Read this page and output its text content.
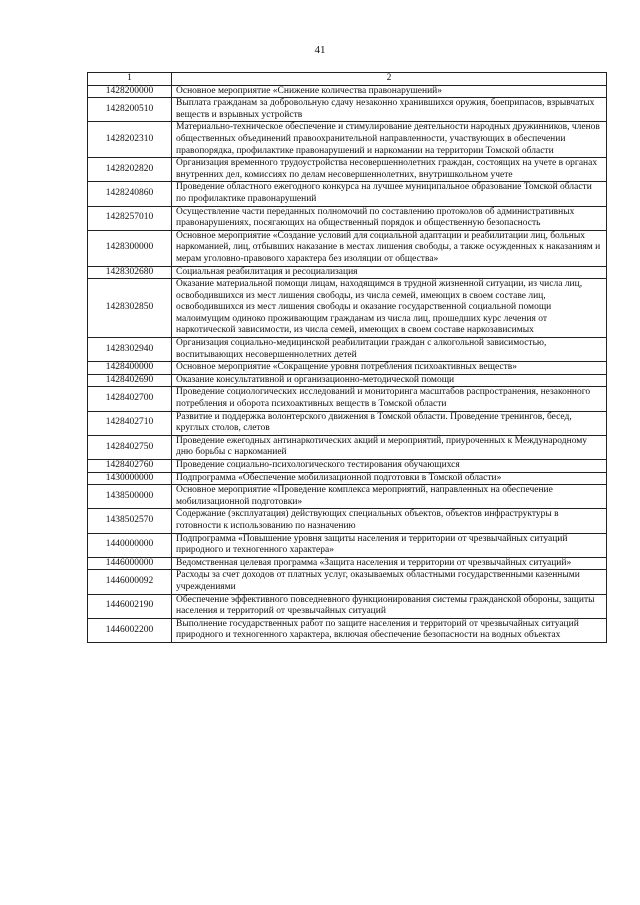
41
1	2
1428200000	Основное мероприятие «Снижение количества правонарушений»
1428200510	Выплата гражданам за добровольную сдачу незаконно хранившихся оружия, боеприпасов, взрывчатых веществ и взрывных устройств
1428202310	Материально-техническое обеспечение и стимулирование деятельности народных дружинников, членов общественных объединений правоохранительной направленности, участвующих в обеспечении правопорядка, профилактике правонарушений и наркомании на территории Томской области
1428202820	Организация временного трудоустройства несовершеннолетних граждан, состоящих на учете в органах внутренних дел, комиссиях по делам несовершеннолетних, внутришкольном учете
1428240860	Проведение областного ежегодного конкурса на лучшее муниципальное образование Томской области по профилактике правонарушений
1428257010	Осуществление части переданных полномочий по составлению протоколов об административных правонарушениях, посягающих на общественный порядок и общественную безопасность
1428300000	Основное мероприятие «Создание условий для социальной адаптации и реабилитации лиц, больных наркоманией, лиц, отбывших наказание в местах лишения свободы, а также осужденных к наказаниям и мерам уголовно-правового характера без изоляции от общества»
1428302680	Социальная реабилитация и ресоциализация
1428302850	Оказание материальной помощи лицам, находящимся в трудной жизненной ситуации, из числа лиц, освободившихся из мест лишения свободы, из числа семей, имеющих в своем составе лиц, освободившихся из мест лишения свободы и оказание государственной социальной помощи малоимущим одиноко проживающим гражданам из числа лиц, прошедших курс лечения от наркотической зависимости, из числа семей, имеющих в своем составе наркозависимых
1428302940	Организация социально-медицинской реабилитации граждан с алкогольной зависимостью, воспитывающих несовершеннолетних детей
1428400000	Основное мероприятие «Сокращение уровня потребления психоактивных веществ»
1428402690	Оказание консультативной и организационно-методической помощи
1428402700	Проведение социологических исследований и мониторинга масштабов распространения, незаконного потребления и оборота психоактивных веществ в Томской области
1428402710	Развитие и поддержка волонтерского движения в Томской области. Проведение тренингов, бесед, круглых столов, слетов
1428402750	Проведение ежегодных антинаркотических акций и мероприятий, приуроченных к Международному дню борьбы с наркоманией
1428402760	Проведение социально-психологического тестирования обучающихся
1430000000	Подпрограмма «Обеспечение мобилизационной подготовки в Томской области»
1438500000	Основное мероприятие «Проведение комплекса мероприятий, направленных на обеспечение мобилизационной подготовки»
1438502570	Содержание (эксплуатация) действующих специальных объектов, объектов инфраструктуры в готовности к использованию по назначению
1440000000	Подпрограмма «Повышение уровня защиты населения и территории от чрезвычайных ситуаций природного и техногенного характера»
1446000000	Ведомственная целевая программа «Защита населения и территории от чрезвычайных ситуаций»
1446000092	Расходы за счет доходов от платных услуг, оказываемых областными государственными казенными учреждениями
1446002190	Обеспечение эффективного повседневного функционирования системы гражданской обороны, защиты населения и территорий от чрезвычайных ситуаций
1446002200	Выполнение государственных работ по защите населения и территорий от чрезвычайных ситуаций природного и техногенного характера, включая обеспечение безопасности на водных объектах
